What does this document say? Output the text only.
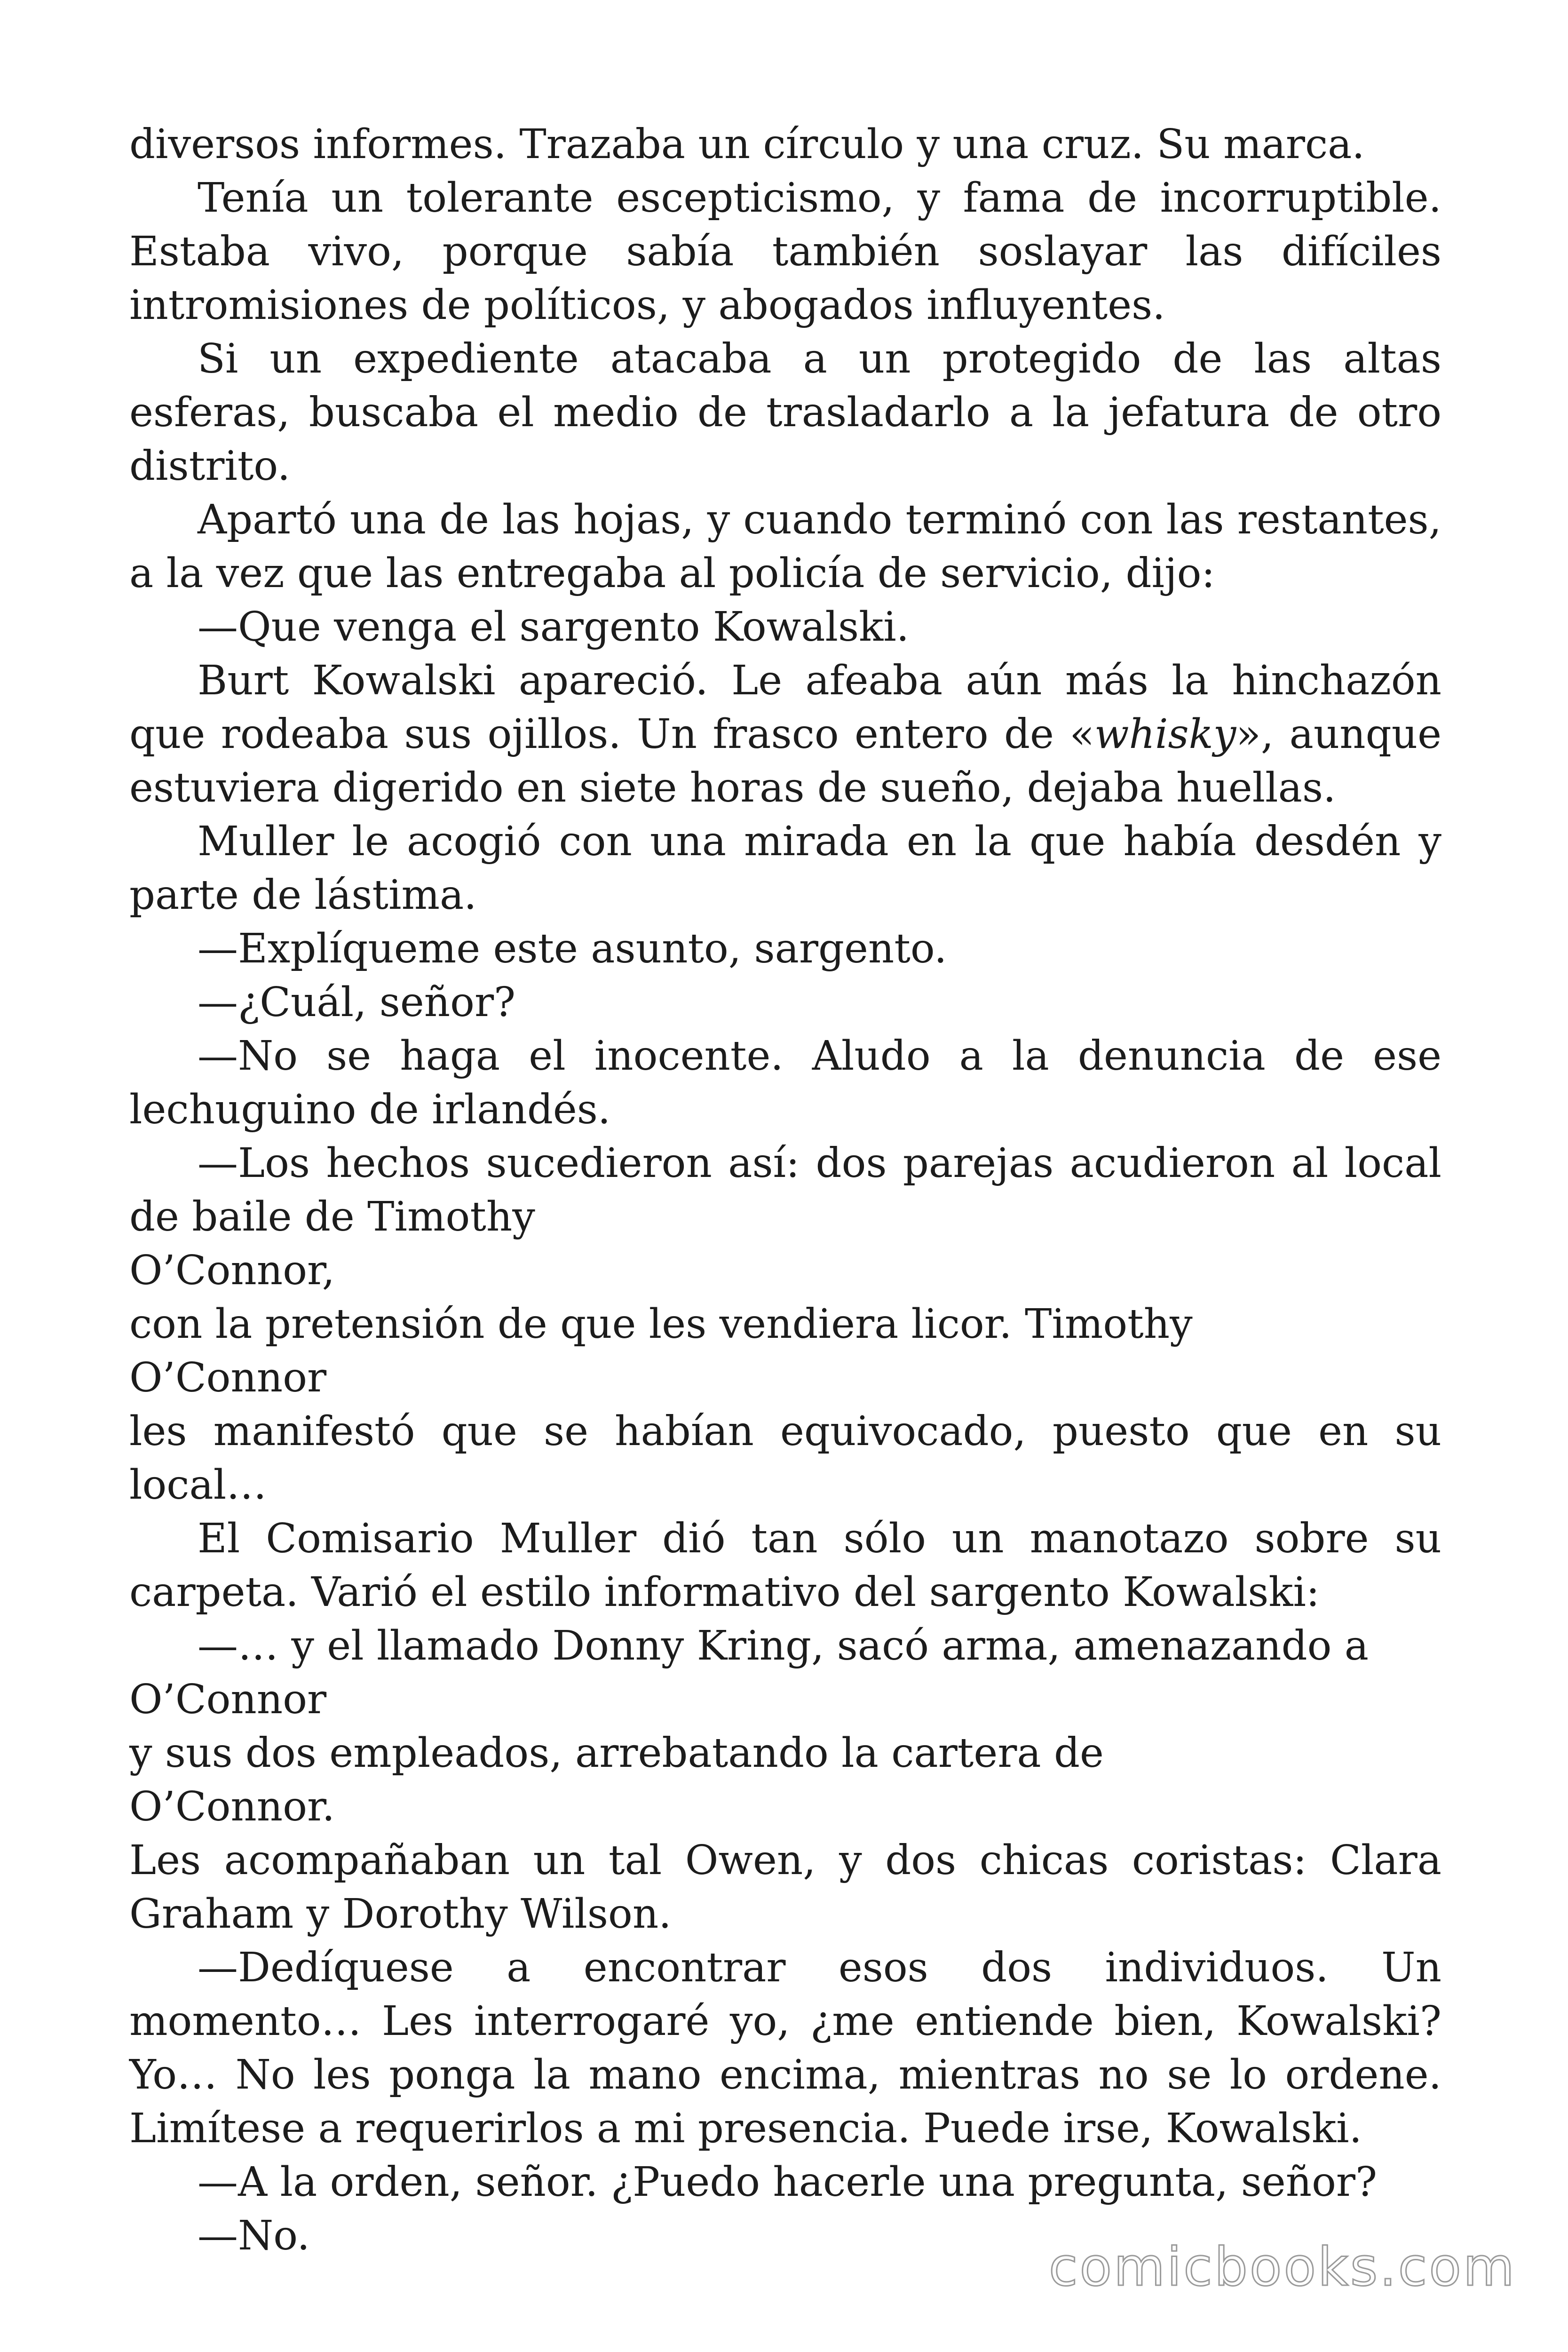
diversos informes. Trazaba un círculo y una cruz. Su marca.

Tenía un tolerante escepticismo, y fama de incorruptible. Estaba vivo, porque sabía también soslayar las difíciles intromisiones de políticos, y abogados influyentes.

Si un expediente atacaba a un protegido de las altas esferas, buscaba el medio de trasladarlo a la jefatura de otro distrito.

Apartó una de las hojas, y cuando terminó con las restantes, a la vez que las entregaba al policía de servicio, dijo:

—Que venga el sargento Kowalski.

Burt Kowalski apareció. Le afeaba aún más la hinchazón que rodeaba sus ojillos. Un frasco entero de «whisky», aunque estuviera digerido en siete horas de sueño, dejaba huellas.

Muller le acogió con una mirada en la que había desdén y parte de lástima.

—Explíqueme este asunto, sargento.

—¿Cuál, señor?

—No se haga el inocente. Aludo a la denuncia de ese lechuguino de irlandés.

—Los hechos sucedieron así: dos parejas acudieron al local de baile de Timothy

O’Connor,

con la pretensión de que les vendiera licor. Timothy

O’Connor

les manifestó que se habían equivocado, puesto que en su local…

El Comisario Muller dió tan sólo un manotazo sobre su carpeta. Varió el estilo informativo del sargento Kowalski:

—… y el llamado Donny Kring, sacó arma, amenazando a

O’Connor

y sus dos empleados, arrebatando la cartera de

O’Connor.

Les acompañaban un tal Owen, y dos chicas coristas: Clara Graham y Dorothy Wilson.

—Dedíquese a encontrar esos dos individuos. Un momento… Les interrogaré yo, ¿me entiende bien, Kowalski? Yo… No les ponga la mano encima, mientras no se lo ordene. Limítese a requerirlos a mi presencia. Puede irse, Kowalski.

—A la orden, señor. ¿Puedo hacerle una pregunta, señor?

—No.

comicbooks.com
